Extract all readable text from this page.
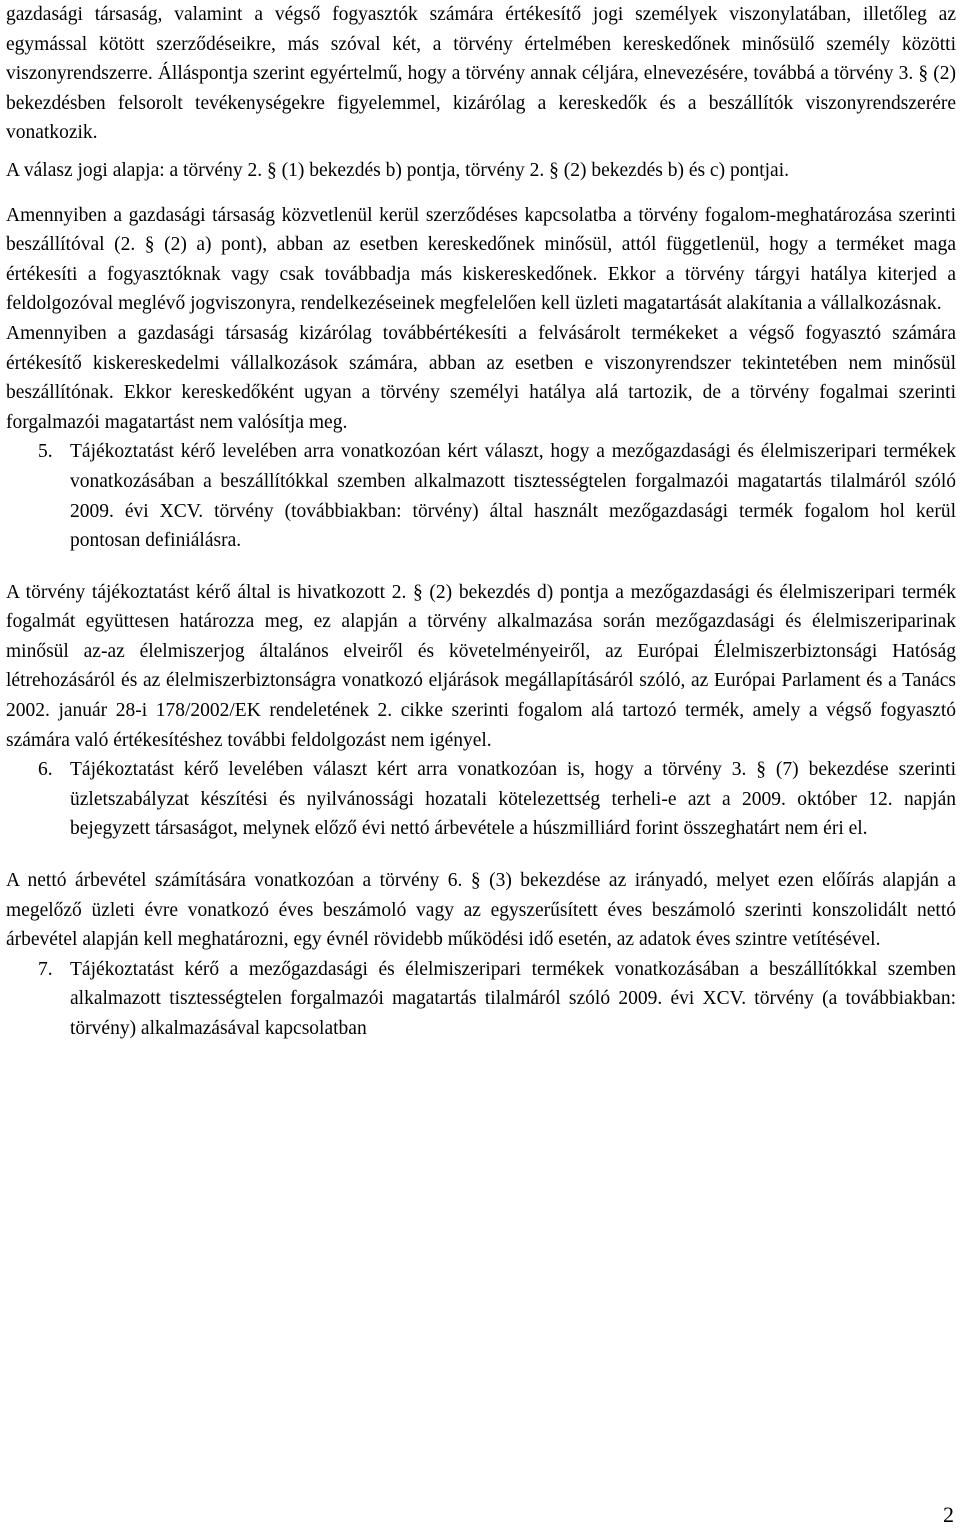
gazdasági társaság, valamint a végső fogyasztók számára értékesítő jogi személyek viszonylatában, illetőleg az egymással kötött szerződéseikre, más szóval két, a törvény értelmében kereskedőnek minősülő személy közötti viszonyrendszerre. Álláspontja szerint egyértelmű, hogy a törvény annak céljára, elnevezésére, továbbá a törvény 3. § (2) bekezdésben felsorolt tevékenységekre figyelemmel, kizárólag a kereskedők és a beszállítók viszonyrendszerére vonatkozik.

A válasz jogi alapja: a törvény 2. § (1) bekezdés b) pontja, törvény 2. § (2) bekezdés b) és c) pontjai.

Amennyiben a gazdasági társaság közvetlenül kerül szerződéses kapcsolatba a törvény fogalom-meghatározása szerinti beszállítóval (2. § (2) a) pont), abban az esetben kereskedőnek minősül, attól függetlenül, hogy a terméket maga értékesíti a fogyasztóknak vagy csak továbbadja más kiskereskedőnek. Ekkor a törvény tárgyi hatálya kiterjed a feldolgozóval meglévő jogviszonyra, rendelkezéseinek megfelelően kell üzleti magatartását alakítania a vállalkozásnak.

Amennyiben a gazdasági társaság kizárólag továbbértékesíti a felvásárolt termékeket a végső fogyasztó számára értékesítő kiskereskedelmi vállalkozások számára, abban az esetben e viszonyrendszer tekintetében nem minősül beszállítónak. Ekkor kereskedőként ugyan a törvény személyi hatálya alá tartozik, de a törvény fogalmai szerinti forgalmazói magatartást nem valósítja meg.

5. Tájékoztatást kérő levelében arra vonatkozóan kért választ, hogy a mezőgazdasági és élelmiszeripari termékek vonatkozásában a beszállítókkal szemben alkalmazott tisztességtelen forgalmazói magatartás tilalmáról szóló 2009. évi XCV. törvény (továbbiakban: törvény) által használt mezőgazdasági termék fogalom hol kerül pontosan definiálásra.

A törvény tájékoztatást kérő által is hivatkozott 2. § (2) bekezdés d) pontja a mezőgazdasági és élelmiszeripari termék fogalmát együttesen határozza meg, ez alapján a törvény alkalmazása során mezőgazdasági és élelmiszeriparinak minősül az-az élelmiszerjog általános elveiről és követelményeiről, az Európai Élelmiszerbiztonsági Hatóság létrehozásáról és az élelmiszerbiztonságra vonatkozó eljárások megállapításáról szóló, az Európai Parlament és a Tanács 2002. január 28-i 178/2002/EK rendeletének 2. cikke szerinti fogalom alá tartozó termék, amely a végső fogyasztó számára való értékesítéshez további feldolgozást nem igényel.

6. Tájékoztatást kérő levelében választ kért arra vonatkozóan is, hogy a törvény 3. § (7) bekezdése szerinti üzletszabályzat készítési és nyilvánossági hozatali kötelezettség terheli-e azt a 2009. október 12. napján bejegyzett társaságot, melynek előző évi nettó árbevétele a húszmilliárd forint összeghatárt nem éri el.

A nettó árbevétel számítására vonatkozóan a törvény 6. § (3) bekezdése az irányadó, melyet ezen előírás alapján a megelőző üzleti évre vonatkozó éves beszámoló vagy az egyszerűsített éves beszámoló szerinti konszolidált nettó árbevétel alapján kell meghatározni, egy évnél rövidebb működési idő esetén, az adatok éves szintre vetítésével.

7. Tájékoztatást kérő a mezőgazdasági és élelmiszeripari termékek vonatkozásában a beszállítókkal szemben alkalmazott tisztességtelen forgalmazói magatartás tilalmáról szóló 2009. évi XCV. törvény (a továbbiakban: törvény) alkalmazásával kapcsolatban
2
